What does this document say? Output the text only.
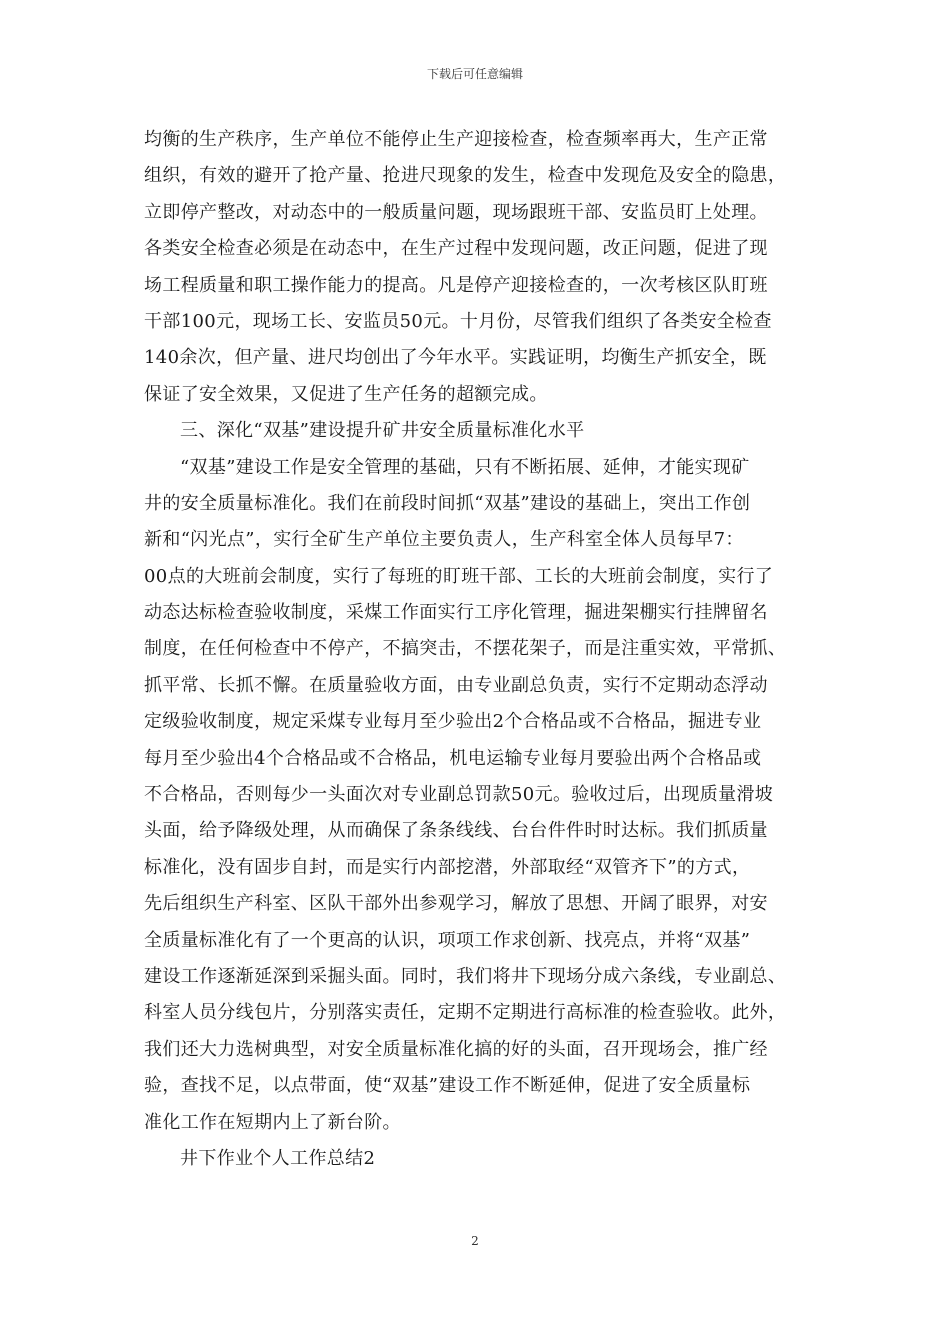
下载后可任意编辑
均衡的生产秩序，生产单位不能停止生产迎接检查，检查频率再大，生产正常
组织，有效的避开了抢产量、抢进尺现象的发生，检查中发现危及安全的隐患，
立即停产整改，对动态中的一般质量问题，现场跟班干部、安监员盯上处理。
各类安全检查必须是在动态中，在生产过程中发现问题，改正问题，促进了现
场工程质量和职工操作能力的提高。凡是停产迎接检查的，一次考核区队盯班
干部100元，现场工长、安监员50元。十月份，尽管我们组织了各类安全检查
140余次，但产量、进尺均创出了今年水平。实践证明，均衡生产抓安全，既
保证了安全效果，又促进了生产任务的超额完成。
三、深化“双基”建设提升矿井安全质量标准化水平
“双基”建设工作是安全管理的基础，只有不断拓展、延伸，才能实现矿
井的安全质量标准化。我们在前段时间抓“双基”建设的基础上，突出工作创
新和“闪光点”，实行全矿生产单位主要负责人，生产科室全体人员每早7：
00点的大班前会制度，实行了每班的盯班干部、工长的大班前会制度，实行了
动态达标检查验收制度，采煤工作面实行工序化管理，掘进架棚实行挂牌留名
制度，在任何检查中不停产，不搞突击，不摆花架子，而是注重实效，平常抓、
抓平常、长抓不懈。在质量验收方面，由专业副总负责，实行不定期动态浮动
定级验收制度，规定采煤专业每月至少验出2个合格品或不合格品，掘进专业
每月至少验出4个合格品或不合格品，机电运输专业每月要验出两个合格品或
不合格品，否则每少一头面次对专业副总罚款50元。验收过后，出现质量滑坡
头面，给予降级处理，从而确保了条条线线、台台件件时时达标。我们抓质量
标准化，没有固步自封，而是实行内部挖潜，外部取经“双管齐下”的方式，
先后组织生产科室、区队干部外出参观学习，解放了思想、开阔了眼界，对安
全质量标准化有了一个更高的认识，项项工作求创新、找亮点，并将“双基”
建设工作逐渐延深到采掘头面。同时，我们将井下现场分成六条线，专业副总、
科室人员分线包片，分别落实责任，定期不定期进行高标准的检查验收。此外，
我们还大力选树典型，对安全质量标准化搞的好的头面，召开现场会，推广经
验，查找不足，以点带面，使“双基”建设工作不断延伸，促进了安全质量标
准化工作在短期内上了新台阶。
井下作业个人工作总结2
2
